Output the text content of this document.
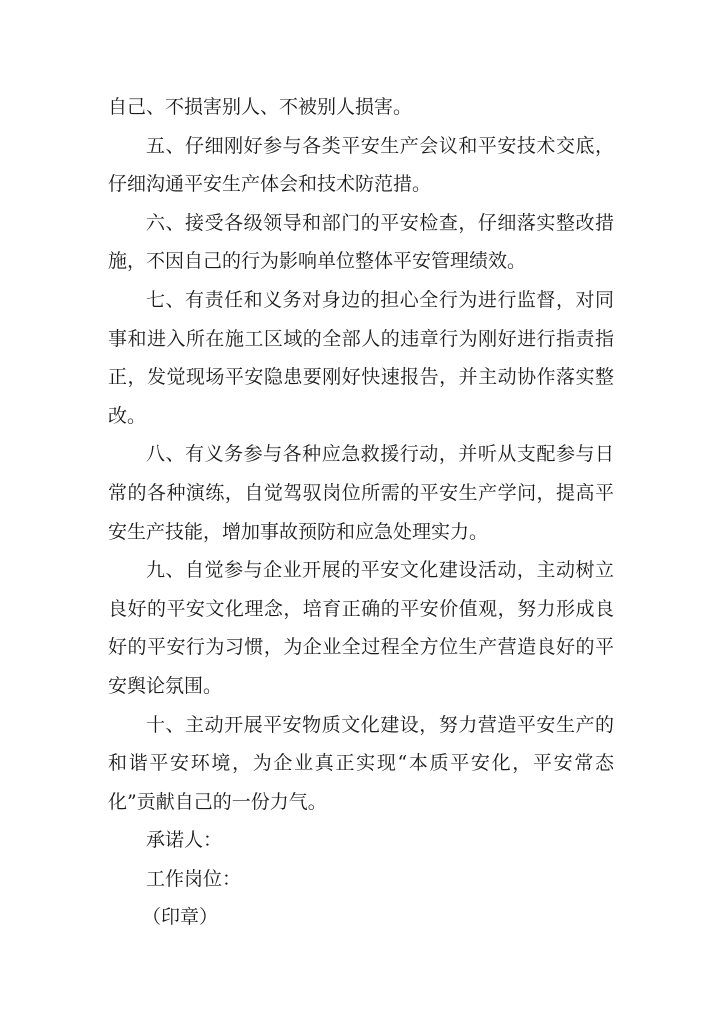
自己、不损害别人、不被别人损害。

五、仔细刚好参与各类平安生产会议和平安技术交底，仔细沟通平安生产体会和技术防范措。

六、接受各级领导和部门的平安检查，仔细落实整改措施，不因自己的行为影响单位整体平安管理绩效。

七、有责任和义务对身边的担心全行为进行监督，对同事和进入所在施工区域的全部人的违章行为刚好进行指责指正，发觉现场平安隐患要刚好快速报告，并主动协作落实整改。

八、有义务参与各种应急救援行动，并听从支配参与日常的各种演练，自觉驾驭岗位所需的平安生产学问，提高平安生产技能，增加事故预防和应急处理实力。

九、自觉参与企业开展的平安文化建设活动，主动树立良好的平安文化理念，培育正确的平安价值观，努力形成良好的平安行为习惯，为企业全过程全方位生产营造良好的平安舆论氛围。

十、主动开展平安物质文化建设，努力营造平安生产的和谐平安环境，为企业真正实现“本质平安化，平安常态化”贡献自己的一份力气。

承诺人：

工作岗位：

（印章）
